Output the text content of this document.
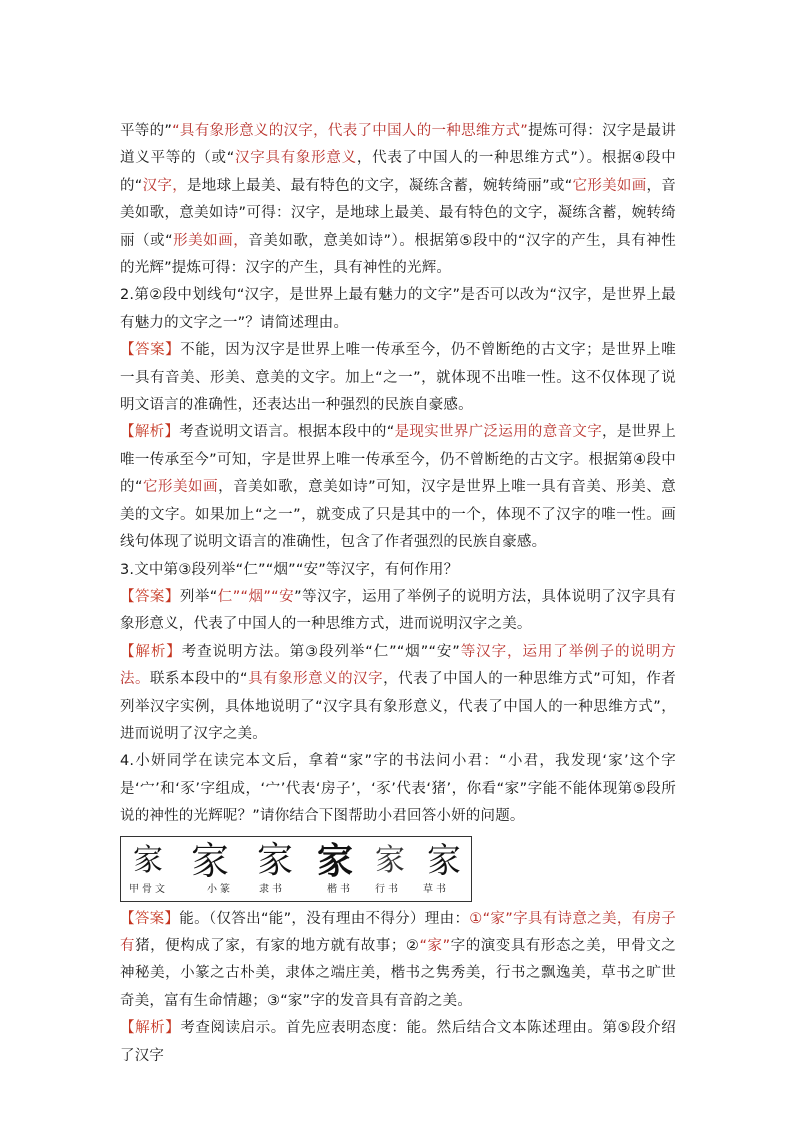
平等的”“具有象形意义的汉字，代表了中国人的一种思维方式”提炼可得：汉字是最讲道义平等的（或“汉字具有象形意义，代表了中国人的一种思维方式”）。根据④段中的“汉字，是地球上最美、最有特色的文字，凝练含蓄，婉转绮丽”或“它形美如画，音美如歌，意美如诗”可得：汉字，是地球上最美、最有特色的文字，凝练含蓄，婉转绮丽（或“形美如画，音美如歌，意美如诗”）。根据第⑤段中的“汉字的产生，具有神性的光辉”提炼可得：汉字的产生，具有神性的光辉。

2.第②段中划线句“汉字，是世界上最有魅力的文字”是否可以改为“汉字，是世界上最有魅力的文字之一”？请简述理由。

【答案】不能，因为汉字是世界上唯一传承至今，仍不曾断绝的古文字；是世界上唯一具有音美、形美、意美的文字。加上“之一”，就体现不出唯一性。这不仅体现了说明文语言的准确性，还表达出一种强烈的民族自豪感。

【解析】考查说明文语言。根据本段中的“是现实世界广泛运用的意音文字，是世界上唯一传承至今”可知，字是世界上唯一传承至今，仍不曾断绝的古文字。根据第④段中的“它形美如画，音美如歌，意美如诗”可知，汉字是世界上唯一具有音美、形美、意美的文字。如果加上“之一”，就变成了只是其中的一个，体现不了汉字的唯一性。画线句体现了说明文语言的准确性，包含了作者强烈的民族自豪感。

3.文中第③段列举“仁”“烟”“安”等汉字，有何作用？

【答案】列举“仁”“烟”“安”等汉字，运用了举例子的说明方法，具体说明了汉字具有象形意义，代表了中国人的一种思维方式，进而说明汉字之美。

【解析】考查说明方法。第③段列举“仁”“烟”“安”等汉字，运用了举例子的说明方法。联系本段中的“具有象形意义的汉字，代表了中国人的一种思维方式”可知，作者列举汉字实例，具体地说明了“汉字具有象形意义，代表了中国人的一种思维方式”，进而说明了汉字之美。

4.小妍同学在读完本文后，拿着“家”字的书法问小君：“小君，我发现‘家’这个字是‘宀’和‘豕’字组成，‘宀’代表‘房子’，‘豕’代表‘猪’，你看“家”字能不能体现第⑤段所说的神性的光辉呢？”请你结合下图帮助小君回答小妍的问题。

家 家 家 家 家 家
甲骨文	小篆	隶书	楷书 行书 草书

【答案】能。（仅答出“能”，没有理由不得分）理由：①“家”字具有诗意之美，有房子有猪，便构成了家，有家的地方就有故事；②“家”字的演变具有形态之美，甲骨文之神秘美，小篆之古朴美，隶体之端庄美，楷书之隽秀美，行书之飘逸美，草书之旷世奇美，富有生命情趣；③“家”字的发音具有音韵之美。

【解析】考查阅读启示。首先应表明态度：能。然后结合文本陈述理由。第⑤段介绍了汉字
